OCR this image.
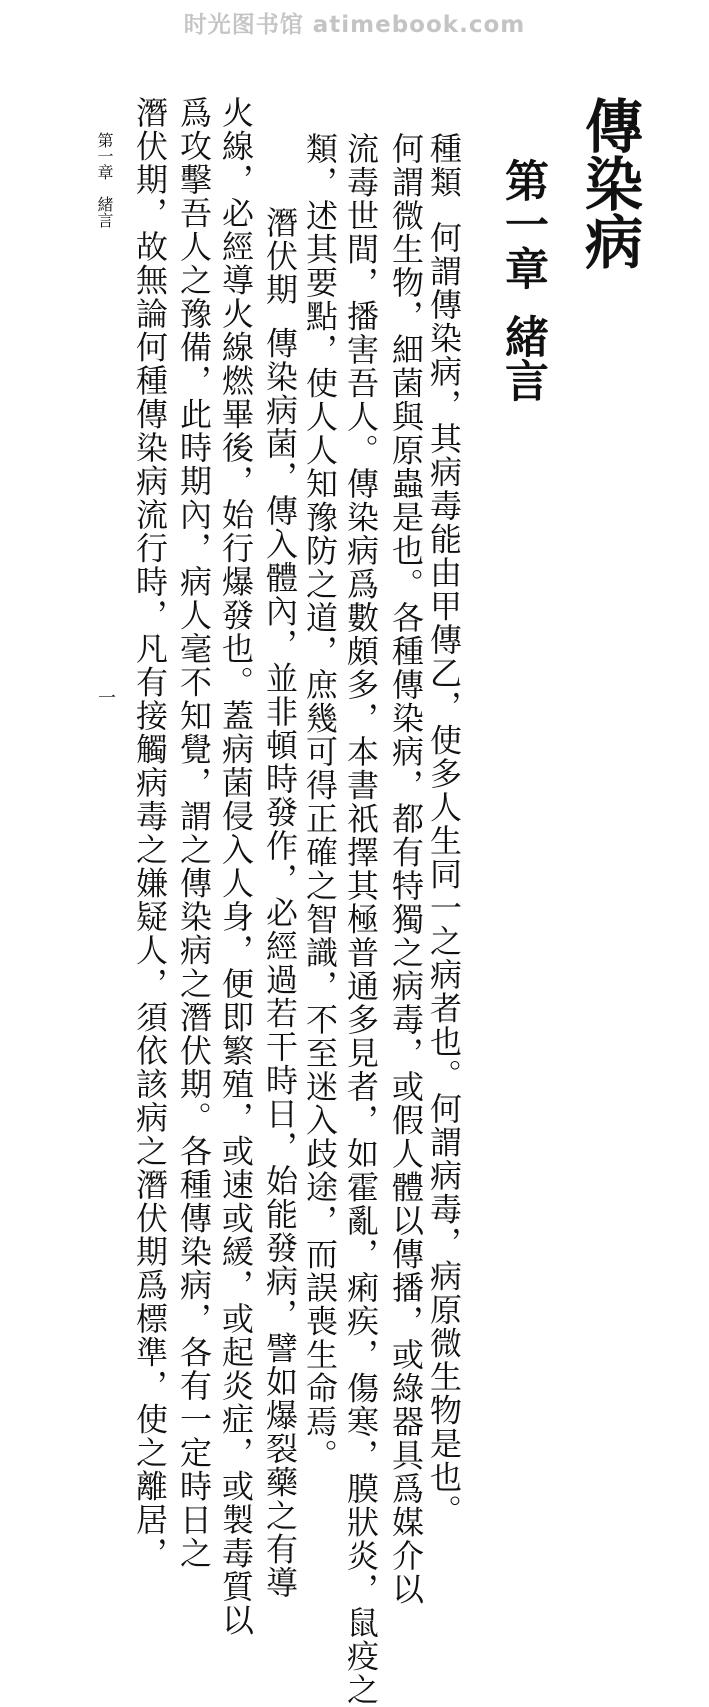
时光图书馆 atimebook.com
傳染病
第一章緒言
種類何謂傳染病，其病毒能由甲傳乙，使多人生同一之病者也。何謂病毒，病原微生物是也。
何謂微生物，細菌與原蟲是也。各種傳染病，都有特獨之病毒，或假人體以傳播，或綠器具爲媒介以
流毒世間，播害吾人。傳染病爲數頗多，本書祇擇其極普通多見者，如霍亂，痢疾，傷寒，膜狀炎，鼠疫之
類，述其要點，使人人知豫防之道，庶幾可得正確之智識，不至迷入歧途，而誤喪生命焉。
潛伏期傳染病菌，傳入體內，並非頓時發作，必經過若干時日，始能發病，譬如爆裂藥之有導
火線，必經導火線燃畢後，始行爆發也。蓋病菌侵入人身，便即繁殖，或速或緩，或起炎症，或製毒質以
爲攻擊吾人之豫備，此時期內，病人毫不知覺，謂之傳染病之潛伏期。各種傳染病，各有一定時日之
潛伏期，故無論何種傳染病流行時，凡有接觸病毒之嫌疑人，須依該病之潛伏期爲標準，使之離居，
第一章　緒言
一
